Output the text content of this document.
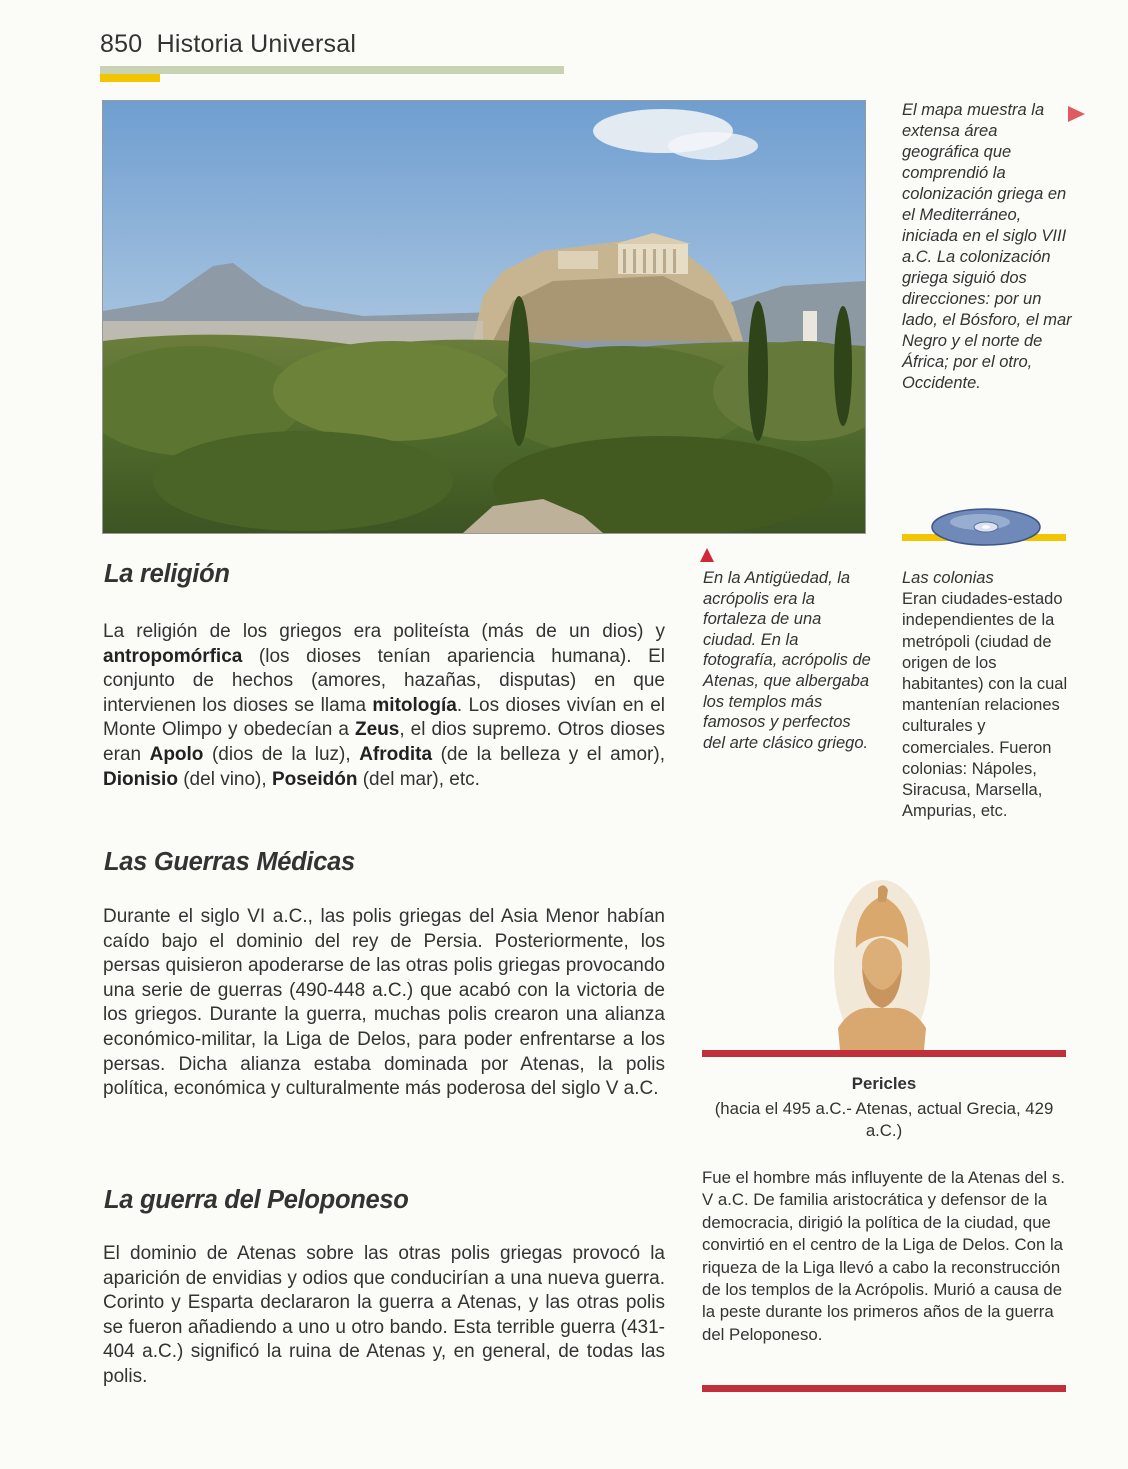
850 Historia Universal
El mapa muestra la extensa área geográfica que comprendió la colonización griega en el Mediterráneo, iniciada en el siglo VIII a.C. La colonización griega siguió dos direcciones: por un lado, el Bósforo, el mar Negro y el norte de África; por el otro, Occidente.
En la Antigüedad, la acrópolis era la fortaleza de una ciudad. En la fotografía, acrópolis de Atenas, que albergaba los templos más famosos y perfectos del arte clásico griego.
Las colonias
Eran ciudades-estado independientes de la metrópoli (ciudad de origen de los habitantes) con la cual mantenían relaciones culturales y comerciales. Fueron colonias: Nápoles, Siracusa, Marsella, Ampurias, etc.
La religión
La religión de los griegos era politeísta (más de un dios) y antropomórfica (los dioses tenían apariencia humana). El conjunto de hechos (amores, hazañas, disputas) en que intervienen los dioses se llama mitología. Los dioses vivían en el Monte Olimpo y obedecían a Zeus, el dios supremo. Otros dioses eran Apolo (dios de la luz), Afrodita (de la belleza y el amor), Dionisio (del vino), Poseidón (del mar), etc.
Las Guerras Médicas
Durante el siglo VI a.C., las polis griegas del Asia Menor habían caído bajo el dominio del rey de Persia. Posteriormente, los persas quisieron apoderarse de las otras polis griegas provocando una serie de guerras (490-448 a.C.) que acabó con la victoria de los griegos. Durante la guerra, muchas polis crearon una alianza económico-militar, la Liga de Delos, para poder enfrentarse a los persas. Dicha alianza estaba dominada por Atenas, la polis política, económica y culturalmente más poderosa del siglo V a.C.
La guerra del Peloponeso
El dominio de Atenas sobre las otras polis griegas provocó la aparición de envidias y odios que conducirían a una nueva guerra. Corinto y Esparta declararon la guerra a Atenas, y las otras polis se fueron añadiendo a uno u otro bando. Esta terrible guerra (431-404 a.C.) significó la ruina de Atenas y, en general, de todas las polis.
Pericles
(hacia el 495 a.C.- Atenas, actual Grecia, 429 a.C.)
Fue el hombre más influyente de la Atenas del s. V a.C. De familia aristocrática y defensor de la democracia, dirigió la política de la ciudad, que convirtió en el centro de la Liga de Delos. Con la riqueza de la Liga llevó a cabo la reconstrucción de los templos de la Acrópolis. Murió a causa de la peste durante los primeros años de la guerra del Peloponeso.
